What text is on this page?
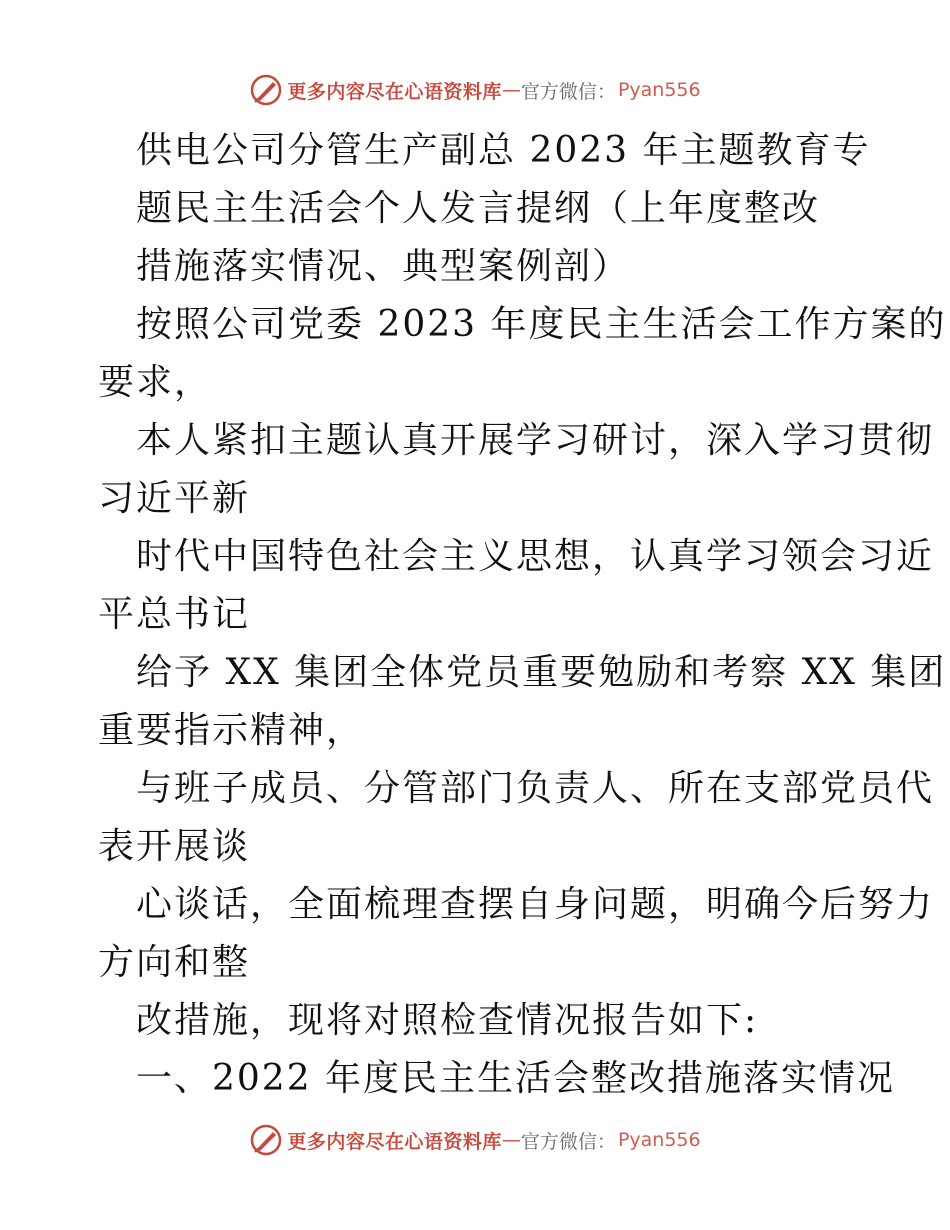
更多内容尽在心语资料库 — 官方微信： Pyan556
供电公司分管生产副总 2023 年主题教育专
题民主生活会个人发言提纲（上年度整改
措施落实情况、典型案例剖）
按照公司党委 2023 年度民主生活会工作方案的
要求，
本人紧扣主题认真开展学习研讨，深入学习贯彻
习近平新
时代中国特色社会主义思想，认真学习领会习近
平总书记
给予 XX 集团全体党员重要勉励和考察 XX 集团
重要指示精神，
与班子成员、分管部门负责人、所在支部党员代
表开展谈
心谈话，全面梳理查摆自身问题，明确今后努力
方向和整
改措施，现将对照检查情况报告如下:
一、2022 年度民主生活会整改措施落实情况
更多内容尽在心语资料库 — 官方微信： Pyan556
